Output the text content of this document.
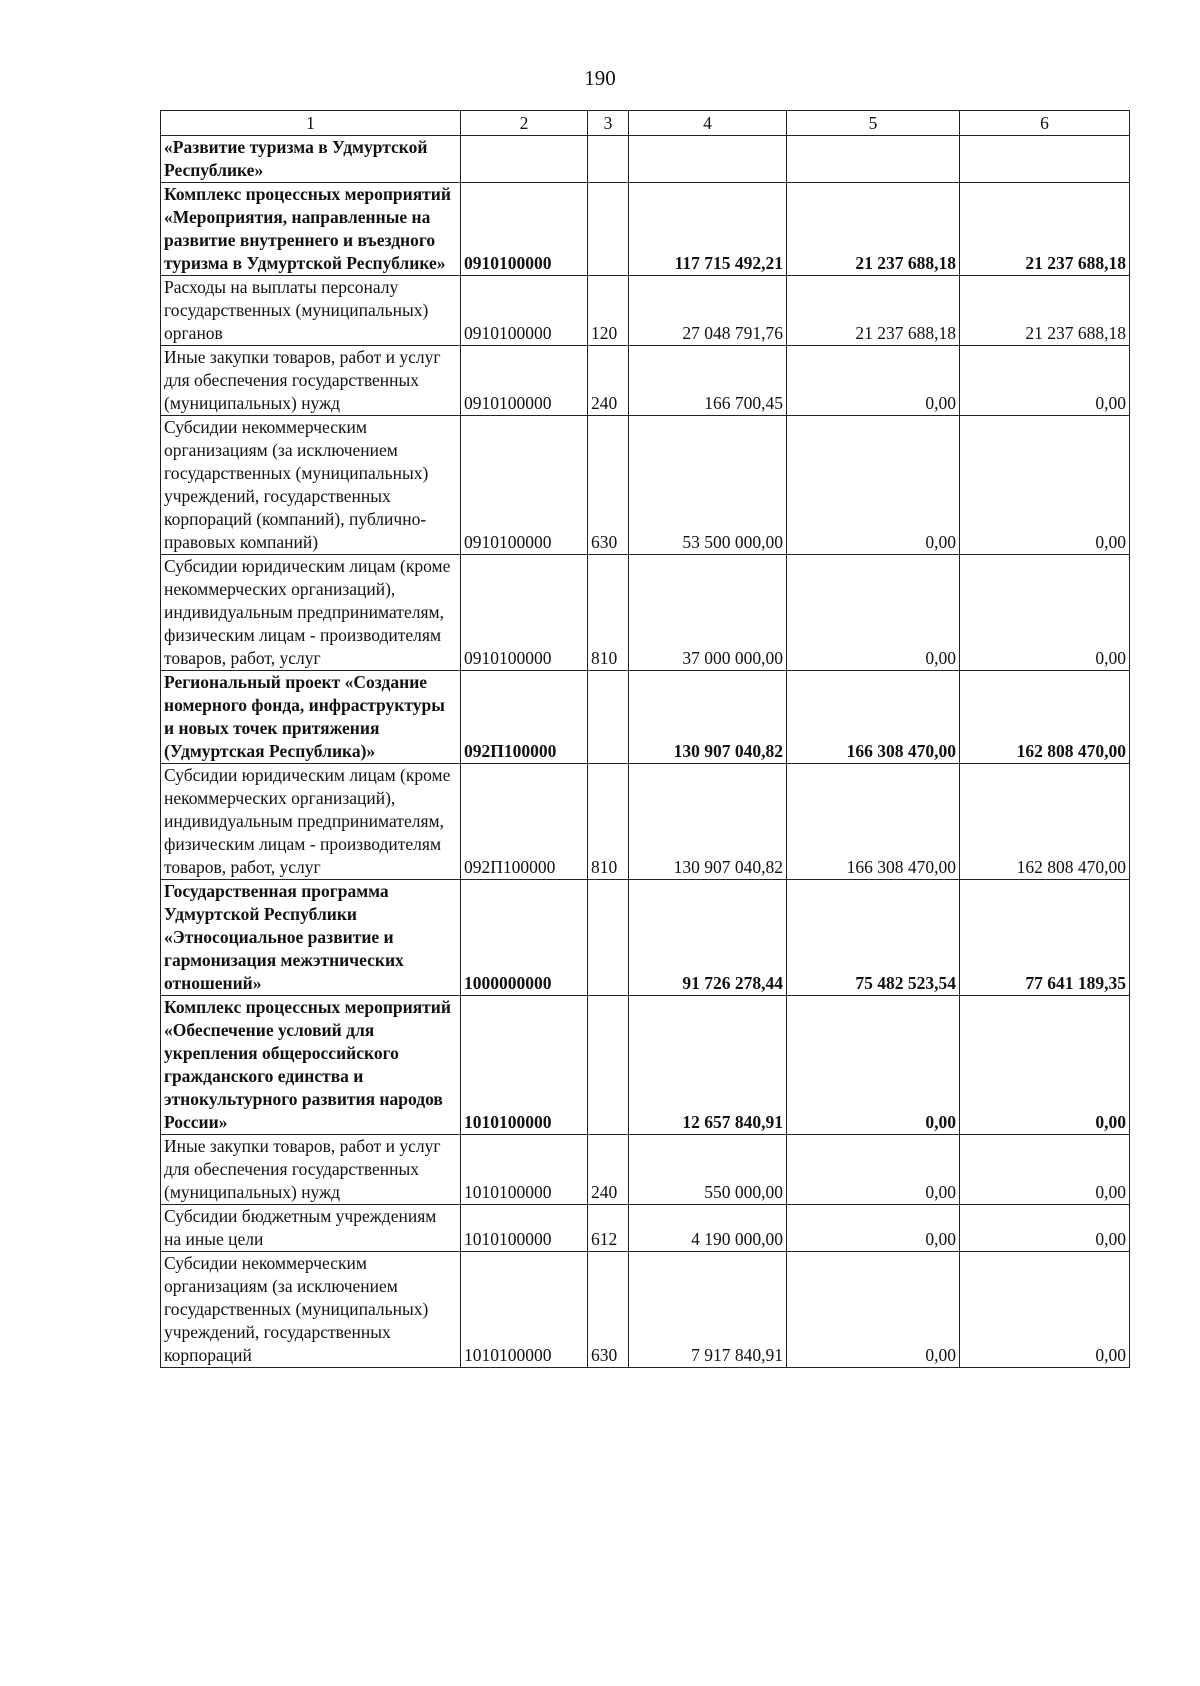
190
1	2	3	4	5	6
«Развитие туризма в Удмуртской Республике»					
Комплекс процессных мероприятий «Мероприятия, направленные на развитие внутреннего и въездного туризма в Удмуртской Республике»	0910100000		117 715 492,21	21 237 688,18	21 237 688,18
Расходы на выплаты персоналу государственных (муниципальных) органов	0910100000	120	27 048 791,76	21 237 688,18	21 237 688,18
Иные закупки товаров, работ и услуг для обеспечения государственных (муниципальных) нужд	0910100000	240	166 700,45	0,00	0,00
Субсидии некоммерческим организациям (за исключением государственных (муниципальных) учреждений, государственных корпораций (компаний), публично-правовых компаний)	0910100000	630	53 500 000,00	0,00	0,00
Субсидии юридическим лицам (кроме некоммерческих организаций), индивидуальным предпринимателям, физическим лицам - производителям товаров, работ, услуг	0910100000	810	37 000 000,00	0,00	0,00
Региональный проект «Создание номерного фонда, инфраструктуры и новых точек притяжения (Удмуртская Республика)»	092П100000		130 907 040,82	166 308 470,00	162 808 470,00
Субсидии юридическим лицам (кроме некоммерческих организаций), индивидуальным предпринимателям, физическим лицам - производителям товаров, работ, услуг	092П100000	810	130 907 040,82	166 308 470,00	162 808 470,00
Государственная программа Удмуртской Республики «Этносоциальное развитие и гармонизация межэтнических отношений»	1000000000		91 726 278,44	75 482 523,54	77 641 189,35
Комплекс процессных мероприятий «Обеспечение условий для укрепления общероссийского гражданского единства и этнокультурного развития народов России»	1010100000		12 657 840,91	0,00	0,00
Иные закупки товаров, работ и услуг для обеспечения государственных (муниципальных) нужд	1010100000	240	550 000,00	0,00	0,00
Субсидии бюджетным учреждениям на иные цели	1010100000	612	4 190 000,00	0,00	0,00
Субсидии некоммерческим организациям (за исключением государственных (муниципальных) учреждений, государственных корпораций	1010100000	630	7 917 840,91	0,00	0,00
